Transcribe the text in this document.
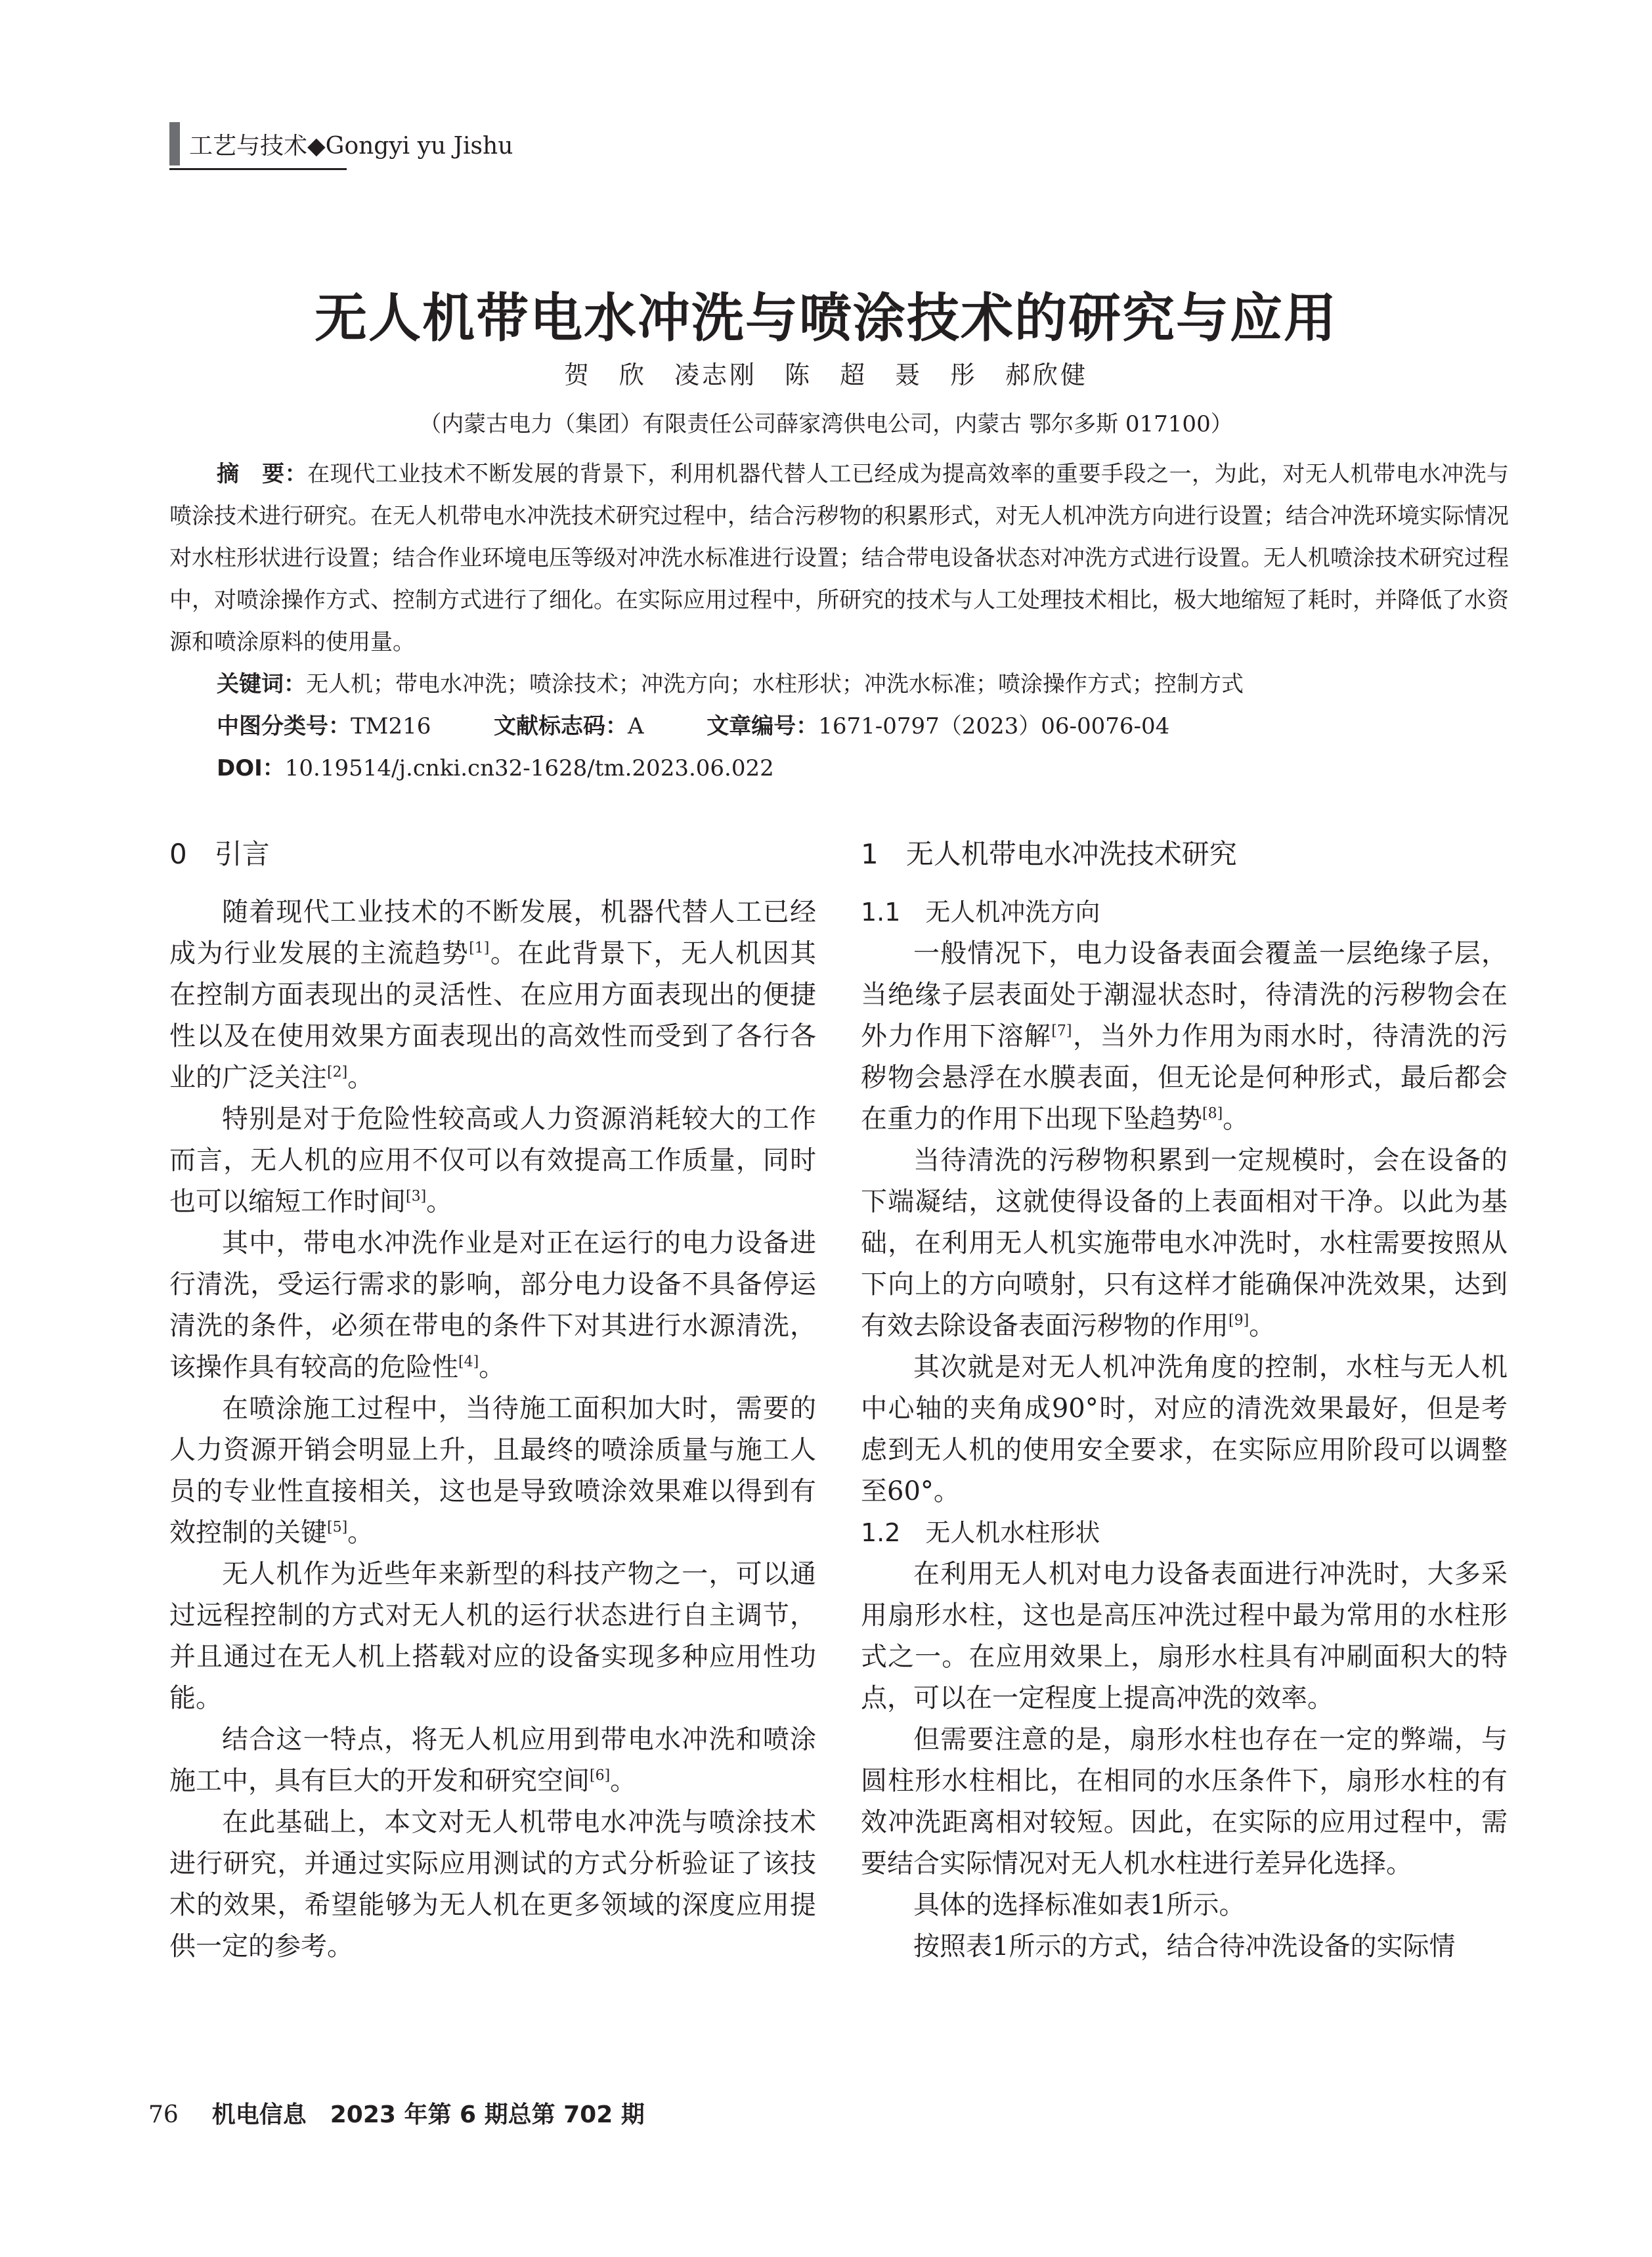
工艺与技术◆Gongyi yu Jishu
无人机带电水冲洗与喷涂技术的研究与应用
贺　欣　凌志刚　陈　超　聂　彤　郝欣健
（内蒙古电力（集团）有限责任公司薛家湾供电公司，内蒙古 鄂尔多斯 017100）

摘　要：在现代工业技术不断发展的背景下，利用机器代替人工已经成为提高效率的重要手段之一，为此，对无人机带电水冲洗与喷涂技术进行研究。在无人机带电水冲洗技术研究过程中，结合污秽物的积累形式，对无人机冲洗方向进行设置；结合冲洗环境实际情况对水柱形状进行设置；结合作业环境电压等级对冲洗水标准进行设置；结合带电设备状态对冲洗方式进行设置。无人机喷涂技术研究过程中，对喷涂操作方式、控制方式进行了细化。在实际应用过程中，所研究的技术与人工处理技术相比，极大地缩短了耗时，并降低了水资源和喷涂原料的使用量。

关键词：无人机；带电水冲洗；喷涂技术；冲洗方向；水柱形状；冲洗水标准；喷涂操作方式；控制方式
中图分类号：TM216	文献标志码：A	文章编号：1671-0797（2023）06-0076-04
DOI：10.19514/j.cnki.cn32-1628/tm.2023.06.022
0　引言

随着现代工业技术的不断发展，机器代替人工已经成为行业发展的主流趋势[1]。在此背景下，无人机因其在控制方面表现出的灵活性、在应用方面表现出的便捷性以及在使用效果方面表现出的高效性而受到了各行各业的广泛关注[2]。

特别是对于危险性较高或人力资源消耗较大的工作而言，无人机的应用不仅可以有效提高工作质量，同时也可以缩短工作时间[3]。

其中，带电水冲洗作业是对正在运行的电力设备进行清洗，受运行需求的影响，部分电力设备不具备停运清洗的条件，必须在带电的条件下对其进行水源清洗，该操作具有较高的危险性[4]。

在喷涂施工过程中，当待施工面积加大时，需要的人力资源开销会明显上升，且最终的喷涂质量与施工人员的专业性直接相关，这也是导致喷涂效果难以得到有效控制的关键[5]。

无人机作为近些年来新型的科技产物之一，可以通过远程控制的方式对无人机的运行状态进行自主调节，并且通过在无人机上搭载对应的设备实现多种应用性功能。

结合这一特点，将无人机应用到带电水冲洗和喷涂施工中，具有巨大的开发和研究空间[6]。

在此基础上，本文对无人机带电水冲洗与喷涂技术进行研究，并通过实际应用测试的方式分析验证了该技术的效果，希望能够为无人机在更多领域的深度应用提供一定的参考。

1　无人机带电水冲洗技术研究
1.1　无人机冲洗方向

一般情况下，电力设备表面会覆盖一层绝缘子层，当绝缘子层表面处于潮湿状态时，待清洗的污秽物会在外力作用下溶解[7]，当外力作用为雨水时，待清洗的污秽物会悬浮在水膜表面，但无论是何种形式，最后都会在重力的作用下出现下坠趋势[8]。

当待清洗的污秽物积累到一定规模时，会在设备的下端凝结，这就使得设备的上表面相对干净。以此为基础，在利用无人机实施带电水冲洗时，水柱需要按照从下向上的方向喷射，只有这样才能确保冲洗效果，达到有效去除设备表面污秽物的作用[9]。

其次就是对无人机冲洗角度的控制，水柱与无人机中心轴的夹角成90°时，对应的清洗效果最好，但是考虑到无人机的使用安全要求，在实际应用阶段可以调整至60°。

1.2　无人机水柱形状

在利用无人机对电力设备表面进行冲洗时，大多采用扇形水柱，这也是高压冲洗过程中最为常用的水柱形式之一。在应用效果上，扇形水柱具有冲刷面积大的特点，可以在一定程度上提高冲洗的效率。

但需要注意的是，扇形水柱也存在一定的弊端，与圆柱形水柱相比，在相同的水压条件下，扇形水柱的有效冲洗距离相对较短。因此，在实际的应用过程中，需要结合实际情况对无人机水柱进行差异化选择。

具体的选择标准如表1所示。

按照表1所示的方式，结合待冲洗设备的实际情

76 机电信息　2023 年第 6 期总第 702 期
